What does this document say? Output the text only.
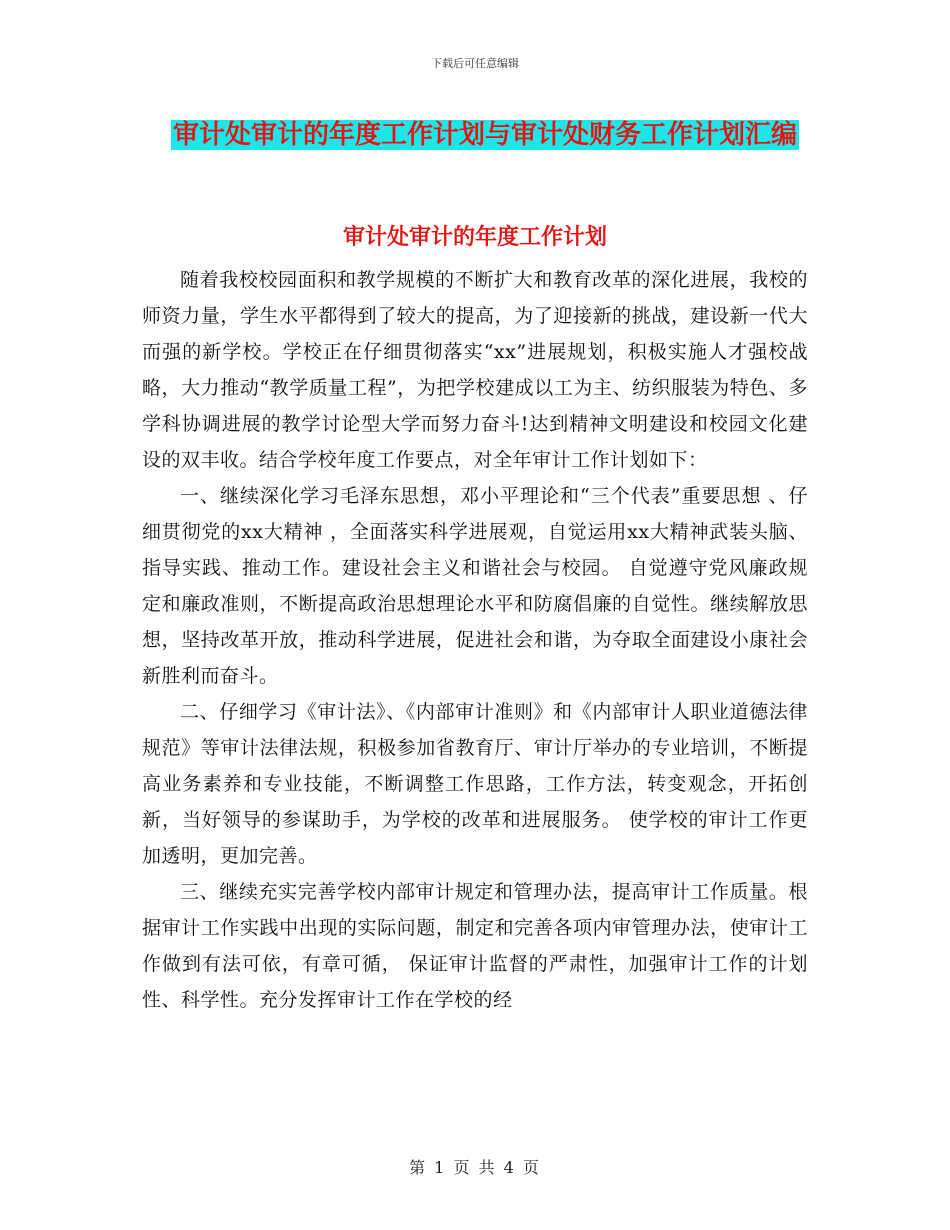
下载后可任意编辑
审计处审计的年度工作计划与审计处财务工作计划汇编
审计处审计的年度工作计划

随着我校校园面积和教学规模的不断扩大和教育改革的深化进展，我校的师资力量，学生水平都得到了较大的提高，为了迎接新的挑战，建设新一代大而强的新学校。学校正在仔细贯彻落实“xx”进展规划，积极实施人才强校战略，大力推动“教学质量工程”，为把学校建成以工为主、纺织服装为特色、多学科协调进展的教学讨论型大学而努力奋斗!达到精神文明建设和校园文化建设的双丰收。结合学校年度工作要点，对全年审计工作计划如下：

一、继续深化学习毛泽东思想，邓小平理论和“三个代表”重要思想 、仔细贯彻党的xx大精神 ，全面落实科学进展观，自觉运用xx大精神武装头脑、指导实践、推动工作。建设社会主义和谐社会与校园。 自觉遵守党风廉政规定和廉政准则，不断提高政治思想理论水平和防腐倡廉的自觉性。继续解放思想，坚持改革开放，推动科学进展，促进社会和谐，为夺取全面建设小康社会新胜利而奋斗。

二、仔细学习《审计法》、《内部审计准则》和《内部审计人职业道德法律规范》等审计法律法规，积极参加省教育厅、审计厅举办的专业培训，不断提高业务素养和专业技能，不断调整工作思路，工作方法，转变观念，开拓创新，当好领导的参谋助手，为学校的改革和进展服务。 使学校的审计工作更加透明，更加完善。

三、继续充实完善学校内部审计规定和管理办法，提高审计工作质量。根据审计工作实践中出现的实际问题，制定和完善各项内审管理办法，使审计工作做到有法可依，有章可循， 保证审计监督的严肃性，加强审计工作的计划性、科学性。充分发挥审计工作在学校的经

第 1 页 共 4 页
